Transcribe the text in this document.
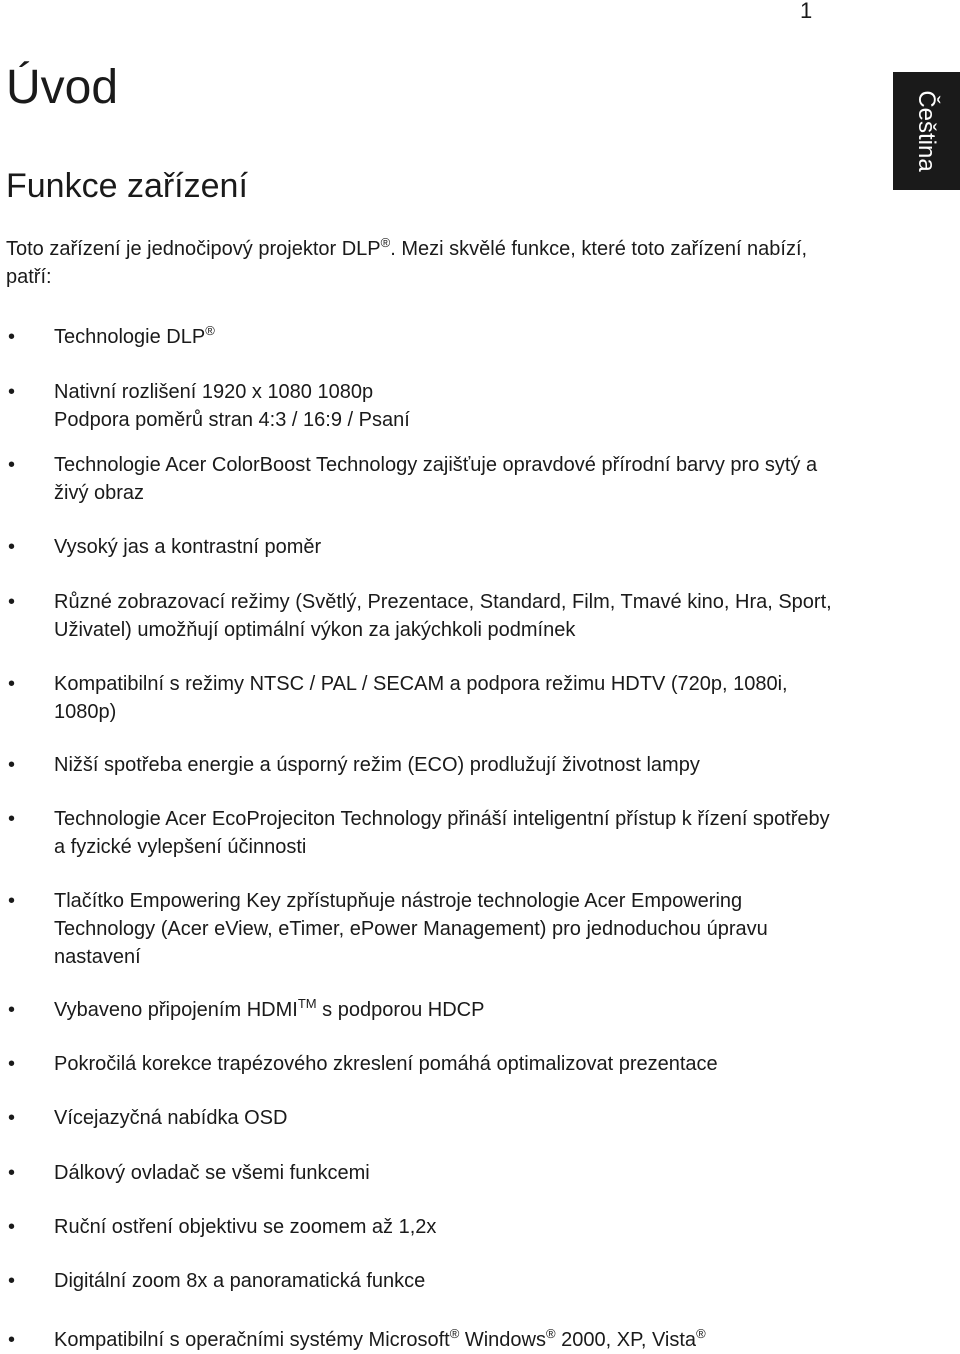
1
Čeština
Úvod
Funkce zařízení

Toto zařízení je jednočipový projektor DLP®. Mezi skvělé funkce, které toto zařízení nabízí, patří:

• Technologie DLP®
• Nativní rozlišení 1920 x 1080 1080p
Podpora poměrů stran 4:3 / 16:9 / Psaní
• Technologie Acer ColorBoost Technology zajišťuje opravdové přírodní barvy pro sytý a živý obraz
• Vysoký jas a kontrastní poměr
• Různé zobrazovací režimy (Světlý, Prezentace, Standard, Film, Tmavé kino, Hra, Sport, Uživatel) umožňují optimální výkon za jakýchkoli podmínek
• Kompatibilní s režimy NTSC / PAL / SECAM a podpora režimu HDTV (720p, 1080i, 1080p)
• Nižší spotřeba energie a úsporný režim (ECO) prodlužují životnost lampy
• Technologie Acer EcoProjeciton Technology přináší inteligentní přístup k řízení spotřeby a fyzické vylepšení účinnosti
• Tlačítko Empowering Key zpřístupňuje nástroje technologie Acer Empowering Technology (Acer eView, eTimer, ePower Management) pro jednoduchou úpravu nastavení
• Vybaveno připojením HDMI™ s podporou HDCP
• Pokročilá korekce trapézového zkreslení pomáhá optimalizovat prezentace
• Vícejazyčná nabídka OSD
• Dálkový ovladač se všemi funkcemi
• Ruční ostření objektivu se zoomem až 1,2x
• Digitální zoom 8x a panoramatická funkce
• Kompatibilní s operačními systémy Microsoft® Windows® 2000, XP, Vista®
